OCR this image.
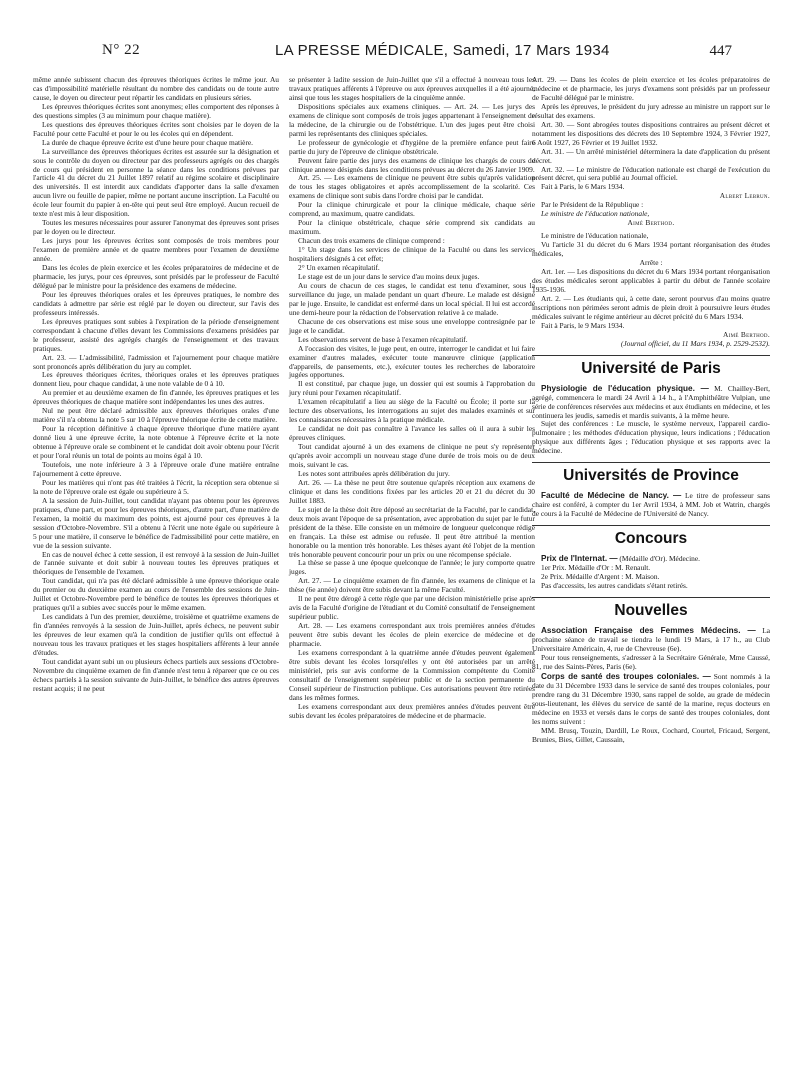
N° 22	LA PRESSE MÉDICALE, Samedi, 17 Mars 1934	447

même année subissent chacun des épreuves théoriques écrites le même jour. Au cas d'impossibilité matérielle résultant du nombre des candidats ou de toute autre cause, le doyen ou directeur peut répartir les candidats en plusieurs séries.

Les épreuves théoriques écrites sont anonymes; elles comportent des réponses à des questions simples (3 au minimum pour chaque matière).

Les questions des épreuves théoriques écrites sont choisies par le doyen de la Faculté pour cette Faculté et pour le ou les écoles qui en dépendent.

La durée de chaque épreuve écrite est d'une heure pour chaque matière.

La surveillance des épreuves théoriques écrites est assurée sur la désignation et sous le contrôle du doyen ou directeur par des professeurs agrégés ou des chargés de cours qui président en personne la séance dans les conditions prévues par l'article 41 du décret du 21 Juillet 1897 relatif au régime scolaire et disciplinaire des universités. Il est interdit aux candidats d'apporter dans la salle d'examen aucun livre ou feuille de papier, même ne portant aucune inscription. La Faculté ou école leur fournit du papier à en-tête qui peut seul être employé. Aucun recueil de texte n'est mis à leur disposition.

Toutes les mesures nécessaires pour assurer l'anonymat des épreuves sont prises par le doyen ou le directeur.

Les jurys pour les épreuves écrites sont composés de trois membres pour l'examen de première année et de quatre membres pour l'examen de deuxième année.

Dans les écoles de plein exercice et les écoles préparatoires de médecine et de pharmacie, les jurys, pour ces épreuves, sont présidés par le professeur de Faculté délégué par le ministre pour la présidence des examens de médecine.

Pour les épreuves théoriques orales et les épreuves pratiques, le nombre des candidats à admettre par série est réglé par le doyen ou directeur, sur l'avis des professeurs intéressés.

Les épreuves pratiques sont subies à l'expiration de la période d'enseignement correspondant à chacune d'elles devant les Commissions d'examens présidées par le professeur, assisté des agrégés chargés de l'enseignement et des travaux pratiques.

Art. 23. — L'admissibilité, l'admission et l'ajournement pour chaque matière sont prononcés après délibération du jury au complet.

Les épreuves théoriques écrites, théoriques orales et les épreuves pratiques donnent lieu, pour chaque candidat, à une note valable de 0 à 10.

Au premier et au deuxième examen de fin d'année, les épreuves pratiques et les épreuves théoriques de chaque matière sont indépendantes les unes des autres.

Nul ne peut être déclaré admissible aux épreuves théoriques orales d'une matière s'il n'a obtenu la note 5 sur 10 à l'épreuve théorique écrite de cette matière.

Pour la réception définitive à chaque épreuve théorique d'une matière ayant donné lieu à une épreuve écrite, la note obtenue à l'épreuve écrite et la note obtenue à l'épreuve orale se combinent et le candidat doit avoir obtenu pour l'écrit et pour l'oral réunis un total de points au moins égal à 10.

Toutefois, une note inférieure à 3 à l'épreuve orale d'une matière entraîne l'ajournement à cette épreuve.

Pour les matières qui n'ont pas été traitées à l'écrit, la réception sera obtenue si la note de l'épreuve orale est égale ou supérieure à 5.

A la session de Juin-Juillet, tout candidat n'ayant pas obtenu pour les épreuves pratiques, d'une part, et pour les épreuves théoriques, d'autre part, d'une matière de l'examen, la moitié du maximum des points, est ajourné pour ces épreuves à la session d'Octobre-Novembre. S'il a obtenu à l'écrit une note égale ou supérieure à 5 pour une matière, il conserve le bénéfice de l'admissibilité pour cette matière, en vue de la session suivante.

En cas de nouvel échec à cette session, il est renvoyé à la session de Juin-Juillet de l'année suivante et doit subir à nouveau toutes les épreuves pratiques et théoriques de l'ensemble de l'examen.

Tout candidat, qui n'a pas été déclaré admissible à une épreuve théorique orale du premier ou du deuxième examen au cours de l'ensemble des sessions de Juin-Juillet et Octobre-Novembre perd le bénéfice de toutes les épreuves théoriques et pratiques qu'il a subies avec succès pour le même examen.

Les candidats à l'un des premier, deuxième, troisième et quatrième examens de fin d'années renvoyés à la session de Juin-Juillet, après échecs, ne peuvent subir les épreuves de leur examen qu'à la condition de justifier qu'ils ont effectué à nouveau tous les travaux pratiques et les stages hospitaliers afférents à leur année d'études.

Tout candidat ayant subi un ou plusieurs échecs partiels aux sessions d'Octobre-Novembre du cinquième examen de fin d'année n'est tenu à répareer que ce ou ces échecs partiels à la session suivante de Juin-Juillet, le bénéfice des autres épreuves restant acquis; il ne peut

se présenter à ladite session de Juin-Juillet que s'il a effectué à nouveau tous les travaux pratiques afférents à l'épreuve ou aux épreuves auxquelles il a été ajourné, ainsi que tous les stages hospitaliers de la cinquième année.

Dispositions spéciales aux examens cliniques. — Art. 24. — Les jurys des examens de clinique sont composés de trois juges appartenant à l'enseignement de la médecine, de la chirurgie ou de l'obstétrique. L'un des juges peut être choisi parmi les représentants des cliniques spéciales.

Le professeur de gynécologie et d'hygiène de la première enfance peut faire partie du jury de l'épreuve de clinique obstétricale.

Peuvent faire partie des jurys des examens de clinique les chargés de cours de clinique annexe désignés dans les conditions prévues au décret du 26 Janvier 1909.

Art. 25. — Les examens de clinique ne peuvent être subis qu'après validation de tous les stages obligatoires et après accomplissement de la scolarité. Ces examens de clinique sont subis dans l'ordre choisi par le candidat.

Pour la clinique chirurgicale et pour la clinique médicale, chaque série comprend, au maximum, quatre candidats.

Pour la clinique obstétricale, chaque série comprend six candidats au maximum.

Chacun des trois examens de clinique comprend :

1° Un stage dans les services de clinique de la Faculté ou dans les services hospitaliers désignés à cet effet;

2° Un examen récapitulatif.

Le stage est de un jour dans le service d'au moins deux juges.

Au cours de chacun de ces stages, le candidat est tenu d'examiner, sous la surveillance du juge, un malade pendant un quart d'heure. Le malade est désigné par le juge. Ensuite, le candidat est enfermé dans un local spécial. Il lui est accordé une demi-heure pour la rédaction de l'observation relative à ce malade.

Chacune de ces observations est mise sous une enveloppe contresignée par le juge et le candidat.

Les observations servent de base à l'examen récapitulatif.

A l'occasion des visites, le juge peut, en outre, interroger le candidat et lui faire examiner d'autres malades, exécuter toute manœuvre clinique (application d'appareils, de pansements, etc.), exécuter toutes les recherches de laboratoire jugées opportunes.

Il est constitué, par chaque juge, un dossier qui est soumis à l'approbation du jury réuni pour l'examen récapitulatif.

L'examen récapitulatif a lieu au siège de la Faculté ou École; il porte sur la lecture des observations, les interrogations au sujet des malades examinés et sur les connaissances nécessaires à la pratique médicale.

Le candidat ne doit pas connaître à l'avance les salles où il aura à subir les épreuves cliniques.

Tout candidat ajourné à un des examens de clinique ne peut s'y représenter qu'après avoir accompli un nouveau stage d'une durée de trois mois ou de deux mois, suivant le cas.

Les notes sont attribuées après délibération du jury.

Art. 26. — La thèse ne peut être soutenue qu'après réception aux examens de clinique et dans les conditions fixées par les articles 20 et 21 du décret du 30 Juillet 1883.

Le sujet de la thèse doit être déposé au secrétariat de la Faculté, par le candidat, deux mois avant l'époque de sa présentation, avec approbation du sujet par le futur président de la thèse. Elle consiste en un mémoire de longueur quelconque rédigé en français. La thèse est admise ou refusée. Il peut être attribué la mention honorable ou la mention très honorable. Les thèses ayant été l'objet de la mention très honorable peuvent concourir pour un prix ou une récompense spéciale.

La thèse se passe à une époque quelconque de l'année; le jury comporte quatre juges.

Art. 27. — Le cinquième examen de fin d'année, les examens de clinique et la thèse (6e année) doivent être subis devant la même Faculté.

Il ne peut être dérogé à cette règle que par une décision ministérielle prise après avis de la Faculté d'origine de l'étudiant et du Comité consultatif de l'enseignement supérieur public.

Art. 28. — Les examens correspondant aux trois premières années d'études peuvent être subis devant les écoles de plein exercice de médecine et de pharmacie.

Les examens correspondant à la quatrième année d'études peuvent également être subis devant les écoles lorsqu'elles y ont été autorisées par un arrêté ministériel, pris sur avis conforme de la Commission compétente du Comité consultatif de l'enseignement supérieur public et de la section permanente du Conseil supérieur de l'instruction publique. Ces autorisations peuvent être retirées dans les mêmes formes.

Les examens correspondant aux deux premières années d'études peuvent être subis devant les écoles préparatoires de médecine et de pharmacie.

Art. 29. — Dans les écoles de plein exercice et les écoles préparatoires de médecine et de pharmacie, les jurys d'examens sont présidés par un professeur de Faculté délégué par le ministre.

Après les épreuves, le président du jury adresse au ministre un rapport sur le résultat des examens.

Art. 30. — Sont abrogées toutes dispositions contraires au présent décret et notamment les dispositions des décrets des 10 Septembre 1924, 3 Février 1927, 6 Août 1927, 26 Février et 19 Juillet 1932.

Art. 31. — Un arrêté ministériel déterminera la date d'application du présent décret.

Art. 32. — Le ministre de l'éducation nationale est chargé de l'exécution du présent décret, qui sera publié au Journal officiel.

Fait à Paris, le 6 Mars 1934.

Albert Lebrun.

Par le Président de la République :

Le ministre de l'éducation nationale,

Aimé Berthod.

Le ministre de l'éducation nationale,

Vu l'article 31 du décret du 6 Mars 1934 portant réorganisation des études médicales,

Arrête :

Art. 1er. — Les dispositions du décret du 6 Mars 1934 portant réorganisation des études médicales seront applicables à partir du début de l'année scolaire 1935-1936.

Art. 2. — Les étudiants qui, à cette date, seront pourvus d'au moins quatre inscriptions non périmées seront admis de plein droit à poursuivre leurs études médicales suivant le régime antérieur au décret précité du 6 Mars 1934.

Fait à Paris, le 9 Mars 1934.

Aimé Berthod.

(Journal officiel, du 11 Mars 1934, p. 2529-2532).

Université de Paris

Physiologie de l'éducation physique. — M. Chailley-Bert, agrégé, commencera le mardi 24 Avril à 14 h., à l'Amphithéâtre Vulpian, une série de conférences réservées aux médecins et aux étudiants en médecine, et les continuera les jeudis, samedis et mardis suivants, à la même heure.

Sujet des conférences : Le muscle, le système nerveux, l'appareil cardio-pulmonaire ; les méthodes d'éducation physique, leurs indications ; l'éducation physique aux différents âges ; l'éducation physique et ses rapports avec la médecine.

Universités de Province

Faculté de Médecine de Nancy. — Le titre de professeur sans chaire est conféré, à compter du 1er Avril 1934, à MM. Job et Watrin, chargés de cours à la Faculté de Médecine de l'Université de Nancy.

Concours

Prix de l'Internat. — (Médaille d'Or). Médecine.

1er Prix. Médaille d'Or : M. Renault.

2e Prix. Médaille d'Argent : M. Maison.

Pas d'accessits, les autres candidats s'étant retirés.

Nouvelles

Association Française des Femmes Médecins. — La prochaine séance de travail se tiendra le lundi 19 Mars, à 17 h., au Club Universitaire Américain, 4, rue de Chevreuse (6e).

Pour tous renseignements, s'adresser à la Secrétaire Générale, Mme Caussé, 81, rue des Saints-Pères, Paris (6e).

Corps de santé des troupes coloniales. — Sont nommés à la date du 31 Décembre 1933 dans le service de santé des troupes coloniales, pour prendre rang du 31 Décembre 1930, sans rappel de solde, au grade de médecin sous-lieutenant, les élèves du service de santé de la marine, reçus docteurs en médecine en 1933 et versés dans le corps de santé des troupes coloniales, dont les noms suivent :

MM. Brusq, Touzin, Dardill, Le Roux, Cochard, Courtel, Fricaud, Sergent, Brunies, Bies, Gillet, Caussain,
